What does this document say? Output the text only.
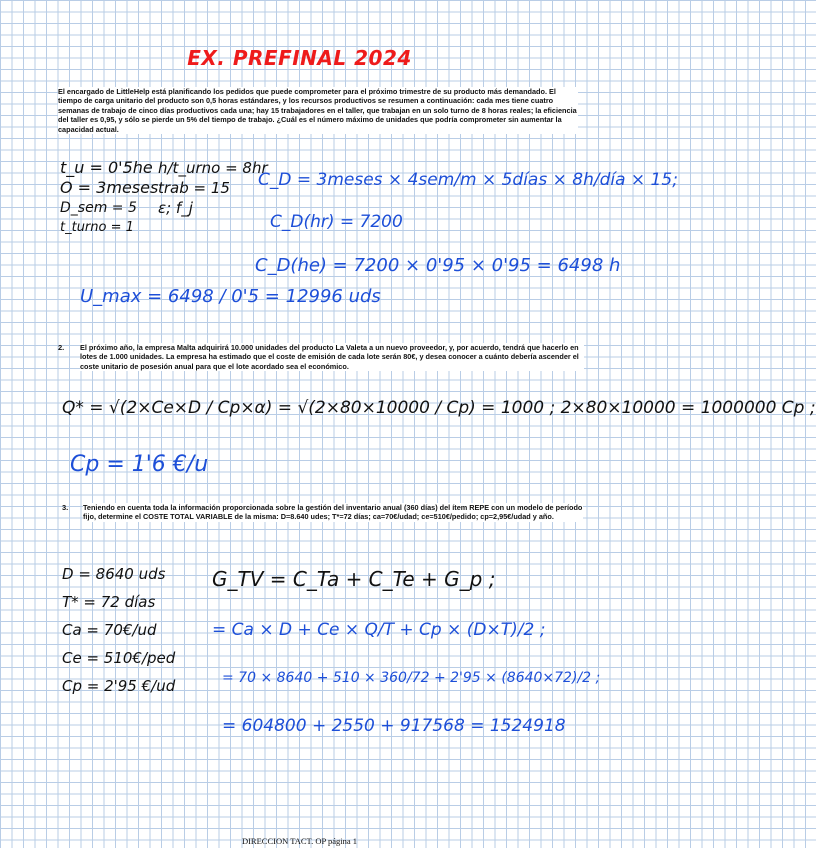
EX. PREFINAL 2024
El encargado de LittleHelp está planificando los pedidos que puede comprometer para el próximo trimestre de su producto más demandado. El tiempo de carga unitario del producto son 0,5 horas estándares, y los recursos productivos se resumen a continuación: cada mes tiene cuatro semanas de trabajo de cinco días productivos cada una; hay 15 trabajadores en el taller, que trabajan en un solo turno de 8 horas reales; la eficiencia del taller es 0,95, y sólo se pierde un 5% del tiempo de trabajo. ¿Cuál es el número máximo de unidades que podría comprometer sin aumentar la capacidad actual.
t_u = 0'5he
O = 3meses
D_sem = 5
t_turno = 1
h/t_urno = 8hr
trab = 15
ε; f_j
C_D = 3meses × 4sem/m × 5días × 8h/día × 15;
C_D(hr) = 7200
C_D(he) = 7200 × 0'95 × 0'95 = 6498 h
U_max = 6498 / 0'5 = 12996 uds
2. El próximo año, la empresa Malta adquirirá 10.000 unidades del producto La Valeta a un nuevo proveedor, y, por acuerdo, tendrá que hacerlo en lotes de 1.000 unidades. La empresa ha estimado que el coste de emisión de cada lote serán 80€, y desea conocer a cuánto debería ascender el coste unitario de posesión anual para que el lote acordado sea el económico.
Q* = √(2×Ce×D / Cp×α) = √(2×80×10000 / Cp) = 1000 ; 2×80×10000 = 1000000 Cp ;
Cp = 1'6 €/u
3. Teniendo en cuenta toda la información proporcionada sobre la gestión del inventario anual (360 días) del ítem REPE con un modelo de período fijo, determine el COSTE TOTAL VARIABLE de la misma: D=8.640 udes; T*=72 días; ca=70€/udad; ce=510€/pedido; cp=2,95€/udad y año.
D = 8640 uds
T* = 72 días
Ca = 70€/ud
Ce = 510€/ped
Cp = 2'95 €/ud
G_TV = C_Ta + C_Te + G_p ;
= Ca × D + Ce × Q/T + Cp × (D×T)/2 ;
= 70 × 8640 + 510 × 360/72 + 2'95 × (8640×72)/2 ;
= 604800 + 2550 + 917568 = 1524918
DIRECCION TACT. OP página 1
